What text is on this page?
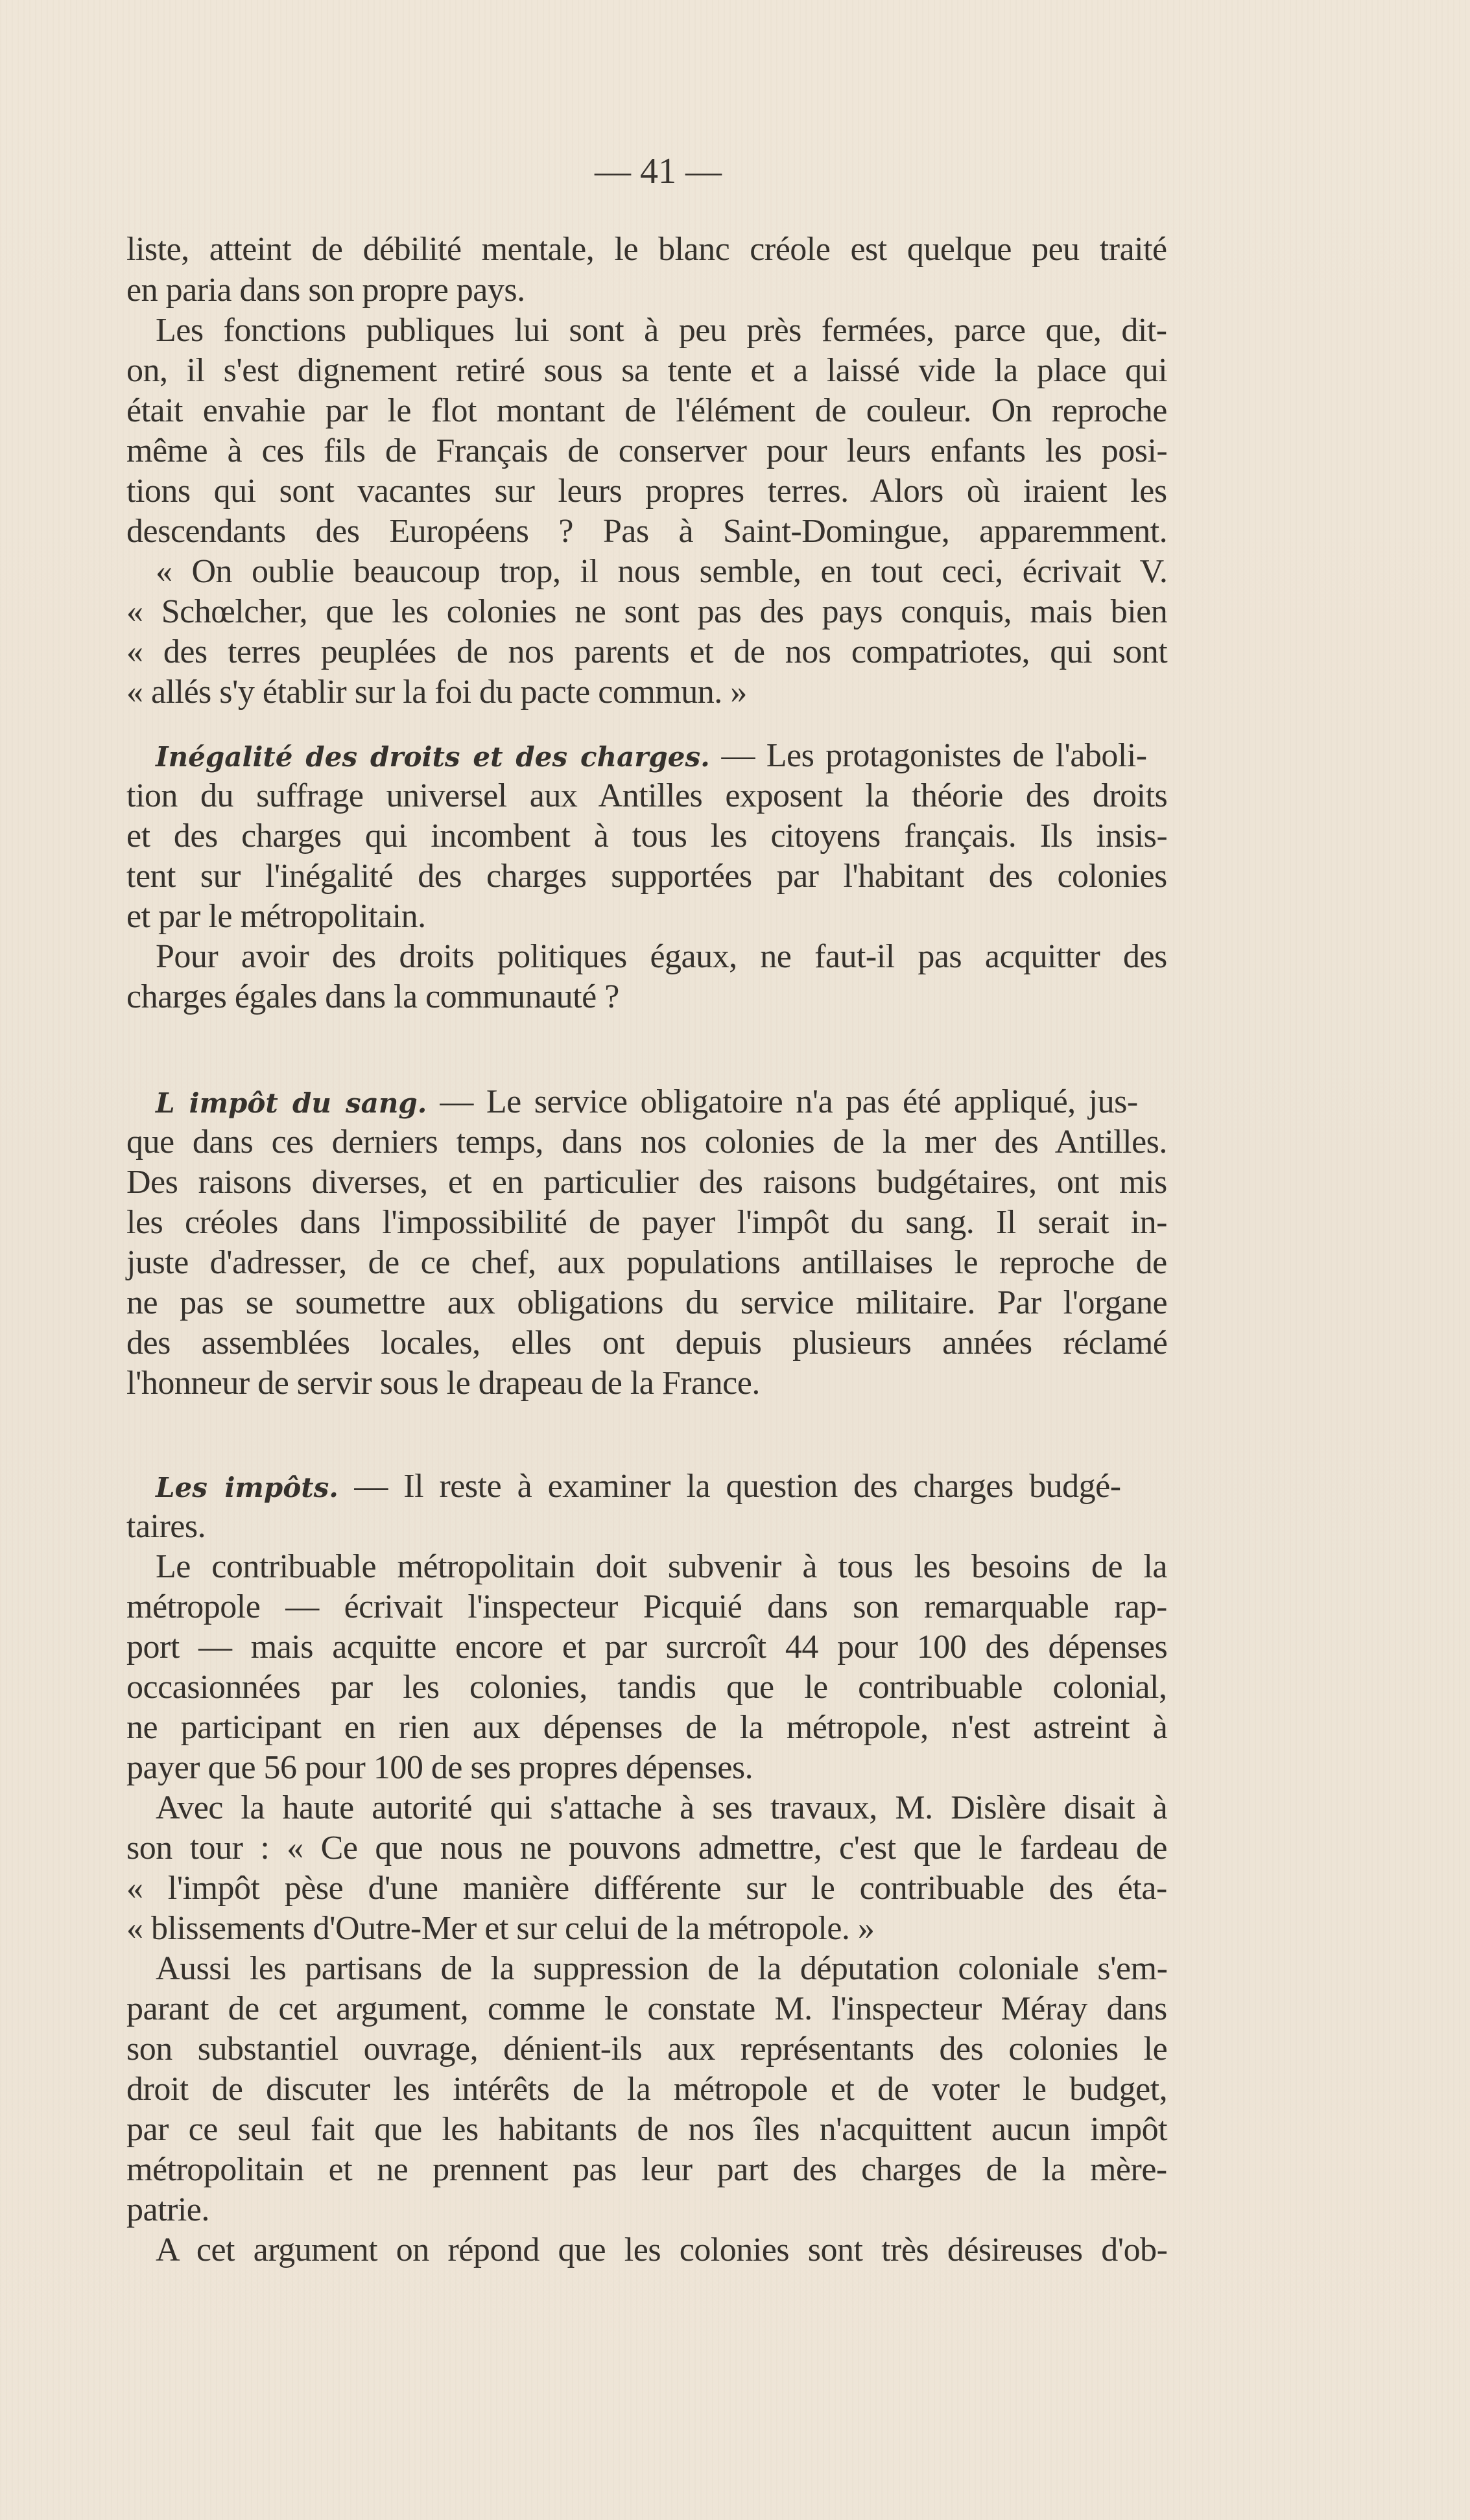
— 41 —
liste, atteint de débilité mentale, le blanc créole est quelque peu traité
en paria dans son propre pays.
Les fonctions publiques lui sont à peu près fermées, parce que, dit-
on, il s'est dignement retiré sous sa tente et a laissé vide la place qui
était envahie par le flot montant de l'élément de couleur. On reproche
même à ces fils de Français de conserver pour leurs enfants les posi-
tions qui sont vacantes sur leurs propres terres. Alors où iraient les
descendants des Européens ? Pas à Saint-Domingue, apparemment.
« On oublie beaucoup trop, il nous semble, en tout ceci, écrivait V.
« Schœlcher, que les colonies ne sont pas des pays conquis, mais bien
« des terres peuplées de nos parents et de nos compatriotes, qui sont
« allés s'y établir sur la foi du pacte commun. »
Inégalité des droits et des charges. — Les protagonistes de l'aboli-
tion du suffrage universel aux Antilles exposent la théorie des droits
et des charges qui incombent à tous les citoyens français. Ils insis-
tent sur l'inégalité des charges supportées par l'habitant des colonies
et par le métropolitain.
Pour avoir des droits politiques égaux, ne faut-il pas acquitter des
charges égales dans la communauté ?
L impôt du sang. — Le service obligatoire n'a pas été appliqué, jus-
que dans ces derniers temps, dans nos colonies de la mer des Antilles.
Des raisons diverses, et en particulier des raisons budgétaires, ont mis
les créoles dans l'impossibilité de payer l'impôt du sang. Il serait in-
juste d'adresser, de ce chef, aux populations antillaises le reproche de
ne pas se soumettre aux obligations du service militaire. Par l'organe
des assemblées locales, elles ont depuis plusieurs années réclamé
l'honneur de servir sous le drapeau de la France.
Les impôts. — Il reste à examiner la question des charges budgé-
taires.
Le contribuable métropolitain doit subvenir à tous les besoins de la
métropole — écrivait l'inspecteur Picquié dans son remarquable rap-
port — mais acquitte encore et par surcroît 44 pour 100 des dépenses
occasionnées par les colonies, tandis que le contribuable colonial,
ne participant en rien aux dépenses de la métropole, n'est astreint à
payer que 56 pour 100 de ses propres dépenses.
Avec la haute autorité qui s'attache à ses travaux, M. Dislère disait à
son tour : « Ce que nous ne pouvons admettre, c'est que le fardeau de
« l'impôt pèse d'une manière différente sur le contribuable des éta-
« blissements d'Outre-Mer et sur celui de la métropole. »
Aussi les partisans de la suppression de la députation coloniale s'em-
parant de cet argument, comme le constate M. l'inspecteur Méray dans
son substantiel ouvrage, dénient-ils aux représentants des colonies le
droit de discuter les intérêts de la métropole et de voter le budget,
par ce seul fait que les habitants de nos îles n'acquittent aucun impôt
métropolitain et ne prennent pas leur part des charges de la mère-
patrie.
A cet argument on répond que les colonies sont très désireuses d'ob-
